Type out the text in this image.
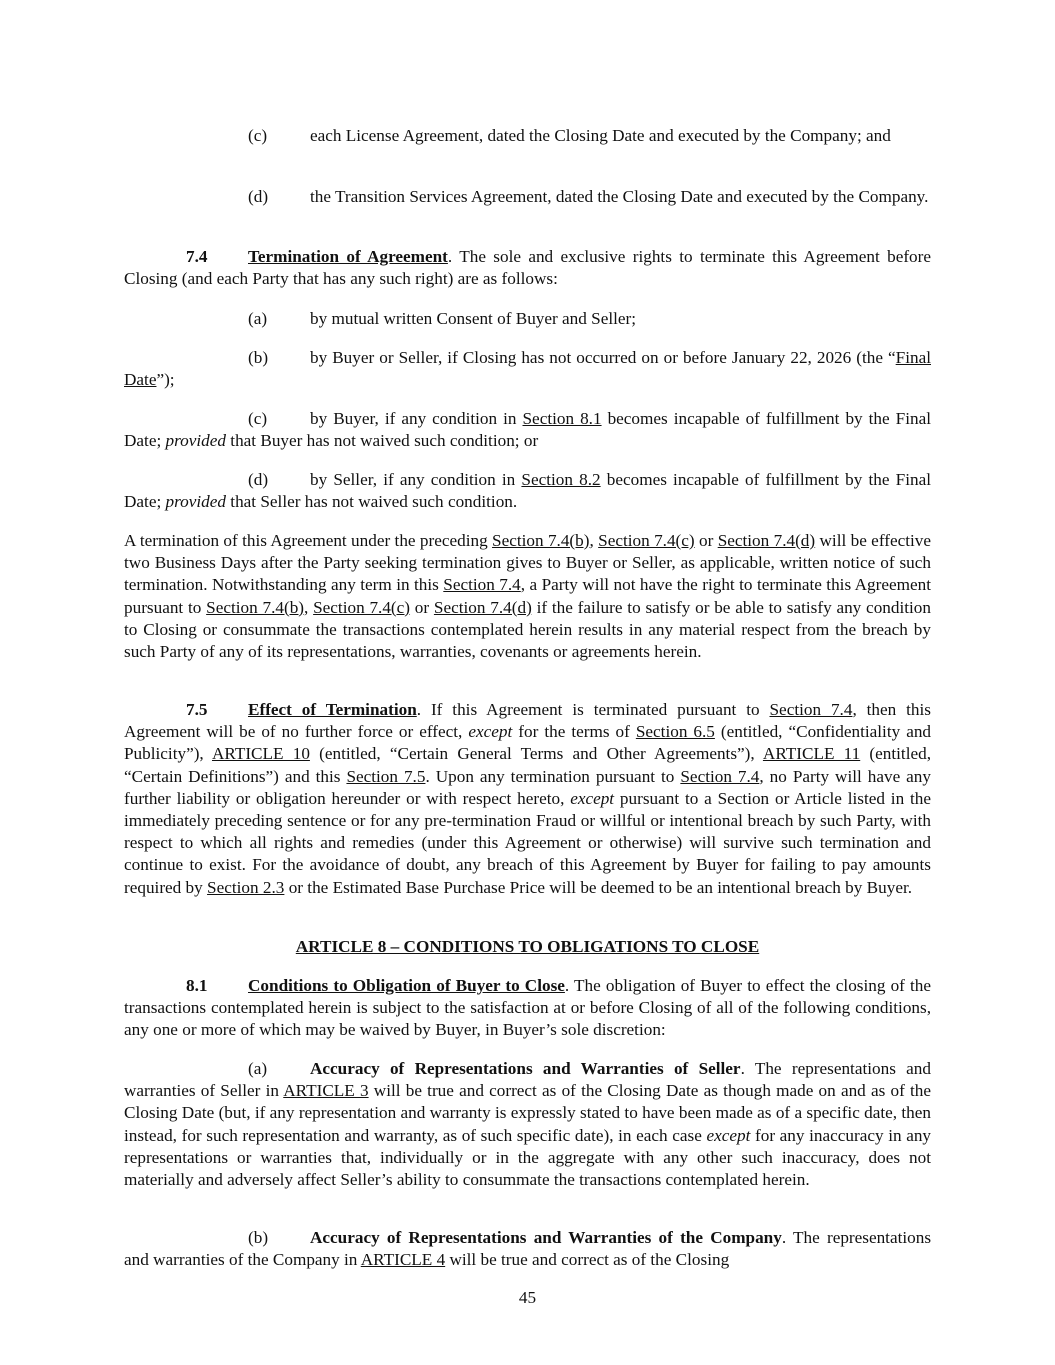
(c) each License Agreement, dated the Closing Date and executed by the Company; and

(d) the Transition Services Agreement, dated the Closing Date and executed by the Company.

7.4 Termination of Agreement. The sole and exclusive rights to terminate this Agreement before Closing (and each Party that has any such right) are as follows:

(a) by mutual written Consent of Buyer and Seller;

(b) by Buyer or Seller, if Closing has not occurred on or before January 22, 2026 (the “Final Date”);

(c) by Buyer, if any condition in Section 8.1 becomes incapable of fulfillment by the Final Date; provided that Buyer has not waived such condition; or

(d) by Seller, if any condition in Section 8.2 becomes incapable of fulfillment by the Final Date; provided that Seller has not waived such condition.

A termination of this Agreement under the preceding Section 7.4(b), Section 7.4(c) or Section 7.4(d) will be effective two Business Days after the Party seeking termination gives to Buyer or Seller, as applicable, written notice of such termination. Notwithstanding any term in this Section 7.4, a Party will not have the right to terminate this Agreement pursuant to Section 7.4(b), Section 7.4(c) or Section 7.4(d) if the failure to satisfy or be able to satisfy any condition to Closing or consummate the transactions contemplated herein results in any material respect from the breach by such Party of any of its representations, warranties, covenants or agreements herein.

7.5 Effect of Termination. If this Agreement is terminated pursuant to Section 7.4, then this Agreement will be of no further force or effect, except for the terms of Section 6.5 (entitled, “Confidentiality and Publicity”), ARTICLE 10 (entitled, “Certain General Terms and Other Agreements”), ARTICLE 11 (entitled, “Certain Definitions”) and this Section 7.5. Upon any termination pursuant to Section 7.4, no Party will have any further liability or obligation hereunder or with respect hereto, except pursuant to a Section or Article listed in the immediately preceding sentence or for any pre-termination Fraud or willful or intentional breach by such Party, with respect to which all rights and remedies (under this Agreement or otherwise) will survive such termination and continue to exist. For the avoidance of doubt, any breach of this Agreement by Buyer for failing to pay amounts required by Section 2.3 or the Estimated Base Purchase Price will be deemed to be an intentional breach by Buyer.

ARTICLE 8 – CONDITIONS TO OBLIGATIONS TO CLOSE

8.1 Conditions to Obligation of Buyer to Close. The obligation of Buyer to effect the closing of the transactions contemplated herein is subject to the satisfaction at or before Closing of all of the following conditions, any one or more of which may be waived by Buyer, in Buyer’s sole discretion:

(a) Accuracy of Representations and Warranties of Seller. The representations and warranties of Seller in ARTICLE 3 will be true and correct as of the Closing Date as though made on and as of the Closing Date (but, if any representation and warranty is expressly stated to have been made as of a specific date, then instead, for such representation and warranty, as of such specific date), in each case except for any inaccuracy in any representations or warranties that, individually or in the aggregate with any other such inaccuracy, does not materially and adversely affect Seller’s ability to consummate the transactions contemplated herein.

(b) Accuracy of Representations and Warranties of the Company. The representations and warranties of the Company in ARTICLE 4 will be true and correct as of the Closing

45
